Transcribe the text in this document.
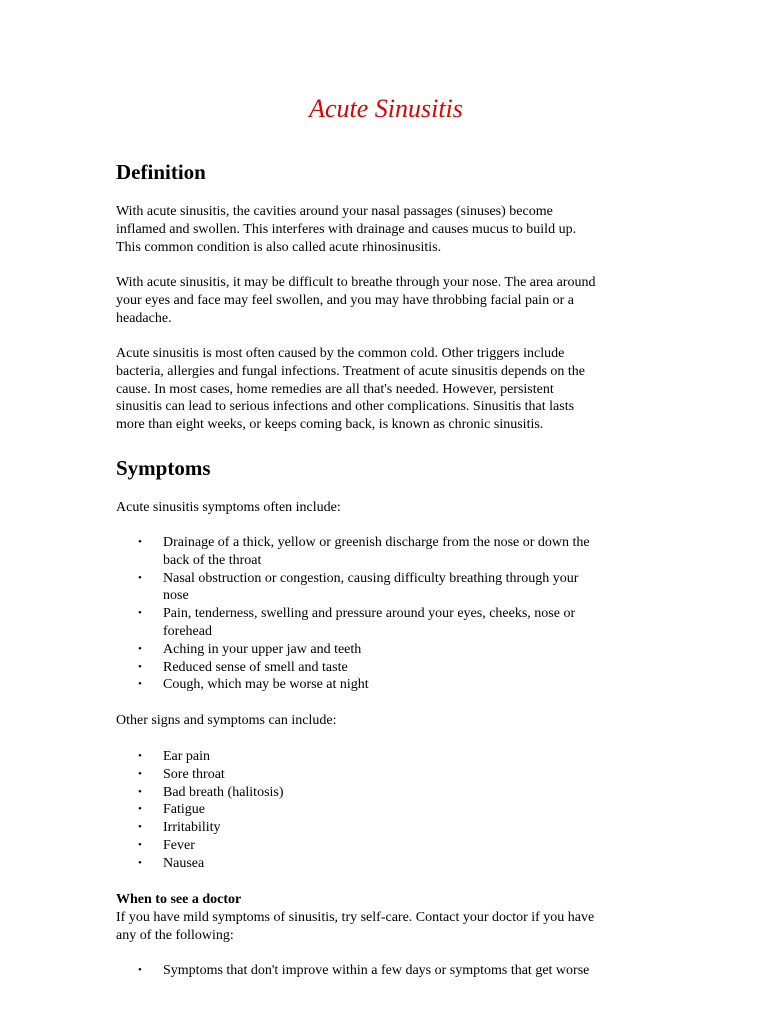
Acute Sinusitis
Definition

With acute sinusitis, the cavities around your nasal passages (sinuses) become
inflamed and swollen. This interferes with drainage and causes mucus to build up.
This common condition is also called acute rhinosinusitis.

With acute sinusitis, it may be difficult to breathe through your nose. The area around
your eyes and face may feel swollen, and you may have throbbing facial pain or a
headache.

Acute sinusitis is most often caused by the common cold. Other triggers include
bacteria, allergies and fungal infections. Treatment of acute sinusitis depends on the
cause. In most cases, home remedies are all that's needed. However, persistent
sinusitis can lead to serious infections and other complications. Sinusitis that lasts
more than eight weeks, or keeps coming back, is known as chronic sinusitis.

Symptoms

Acute sinusitis symptoms often include:

• Drainage of a thick, yellow or greenish discharge from the nose or down the
back of the throat
• Nasal obstruction or congestion, causing difficulty breathing through your
nose
• Pain, tenderness, swelling and pressure around your eyes, cheeks, nose or
forehead
• Aching in your upper jaw and teeth
• Reduced sense of smell and taste
• Cough, which may be worse at night

Other signs and symptoms can include:

• Ear pain
• Sore throat
• Bad breath (halitosis)
• Fatigue
• Irritability
• Fever
• Nausea

When to see a doctor

If you have mild symptoms of sinusitis, try self-care. Contact your doctor if you have
any of the following:

• Symptoms that don't improve within a few days or symptoms that get worse
